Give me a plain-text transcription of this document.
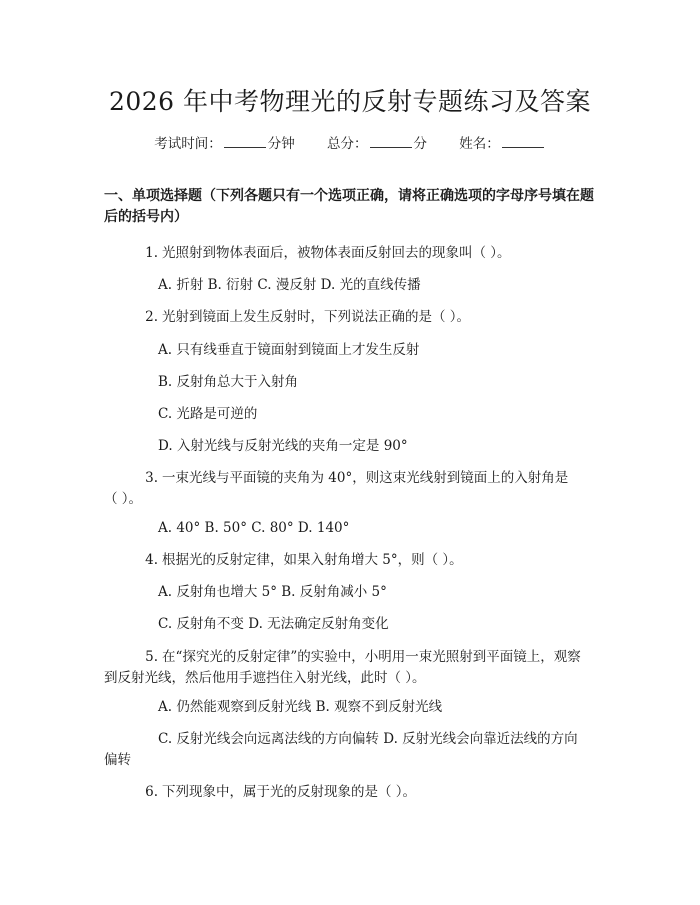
2026 年中考物理光的反射专题练习及答案
考试时间：	分钟 总分：	分 姓名：
一、单项选择题（下列各题只有一个选项正确，请将正确选项的字母序号填在题后的括号内）
1. 光照射到物体表面后，被物体表面反射回去的现象叫（ ）。
A. 折射 B. 衍射 C. 漫反射 D. 光的直线传播
2. 光射到镜面上发生反射时，下列说法正确的是（ ）。
A. 只有线垂直于镜面射到镜面上才发生反射
B. 反射角总大于入射角
C. 光路是可逆的
D. 入射光线与反射光线的夹角一定是 90°
3. 一束光线与平面镜的夹角为 40°，则这束光线射到镜面上的入射角是
（ ）。
A. 40° B. 50° C. 80° D. 140°
4. 根据光的反射定律，如果入射角增大 5°，则（ ）。
A. 反射角也增大 5° B. 反射角减小 5°
C. 反射角不变 D. 无法确定反射角变化
5. 在“探究光的反射定律”的实验中，小明用一束光照射到平面镜上，观察
到反射光线，然后他用手遮挡住入射光线，此时（ ）。
A. 仍然能观察到反射光线 B. 观察不到反射光线
C. 反射光线会向远离法线的方向偏转 D. 反射光线会向靠近法线的方向
偏转
6. 下列现象中，属于光的反射现象的是（ ）。
